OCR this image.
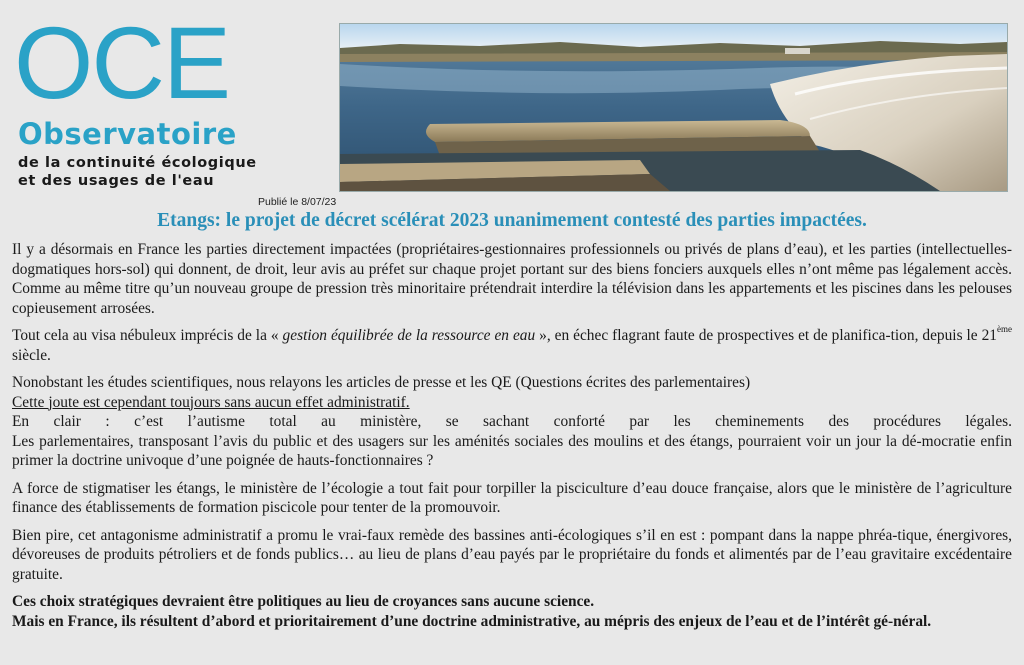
OCE
Observatoire
de la continuité écologique
et des usages de l'eau
Publié le 8/07/23
Etangs: le projet de décret scélérat 2023 unanimement contesté des parties impactées.

Il y a désormais en France les parties directement impactées (propriétaires-gestionnaires professionnels ou privés de plans d’eau), et les parties (intellectuelles-dogmatiques hors-sol) qui donnent, de droit, leur avis au préfet sur chaque projet portant sur des biens fonciers auxquels elles n’ont même pas légalement accès. Comme au même titre qu’un nouveau groupe de pression très minoritaire prétendrait interdire la télévision dans les appartements et les piscines dans les pelouses copieusement arrosées.

Tout cela au visa nébuleux imprécis de la « gestion équilibrée de la ressource en eau », en échec flagrant faute de prospectives et de planifica-tion, depuis le 21ème siècle.

Nonobstant les études scientifiques, nous relayons les articles de presse et les QE (Questions écrites des parlementaires)

Cette joute est cependant toujours sans aucun effet administratif.

En clair : c’est l’autisme total au ministère, se sachant conforté par les cheminements des procédures légales.

Les parlementaires, transposant l’avis du public et des usagers sur les aménités sociales des moulins et des étangs, pourraient voir un jour la dé-mocratie enfin primer la doctrine univoque d’une poignée de hauts-fonctionnaires ?

A force de stigmatiser les étangs, le ministère de l’écologie a tout fait pour torpiller la pisciculture d’eau douce française, alors que le ministère de l’agriculture finance des établissements de formation piscicole pour tenter de la promouvoir.

Bien pire, cet antagonisme administratif a promu le vrai-faux remède des bassines anti-écologiques s’il en est : pompant dans la nappe phréa-tique, énergivores, dévoreuses de produits pétroliers et de fonds publics… au lieu de plans d’eau payés par le propriétaire du fonds et alimentés par de l’eau gravitaire excédentaire gratuite.

Ces choix stratégiques devraient être politiques au lieu de croyances sans aucune science.

Mais en France, ils résultent d’abord et prioritairement d’une doctrine administrative, au mépris des enjeux de l’eau et de l’intérêt gé-néral.
